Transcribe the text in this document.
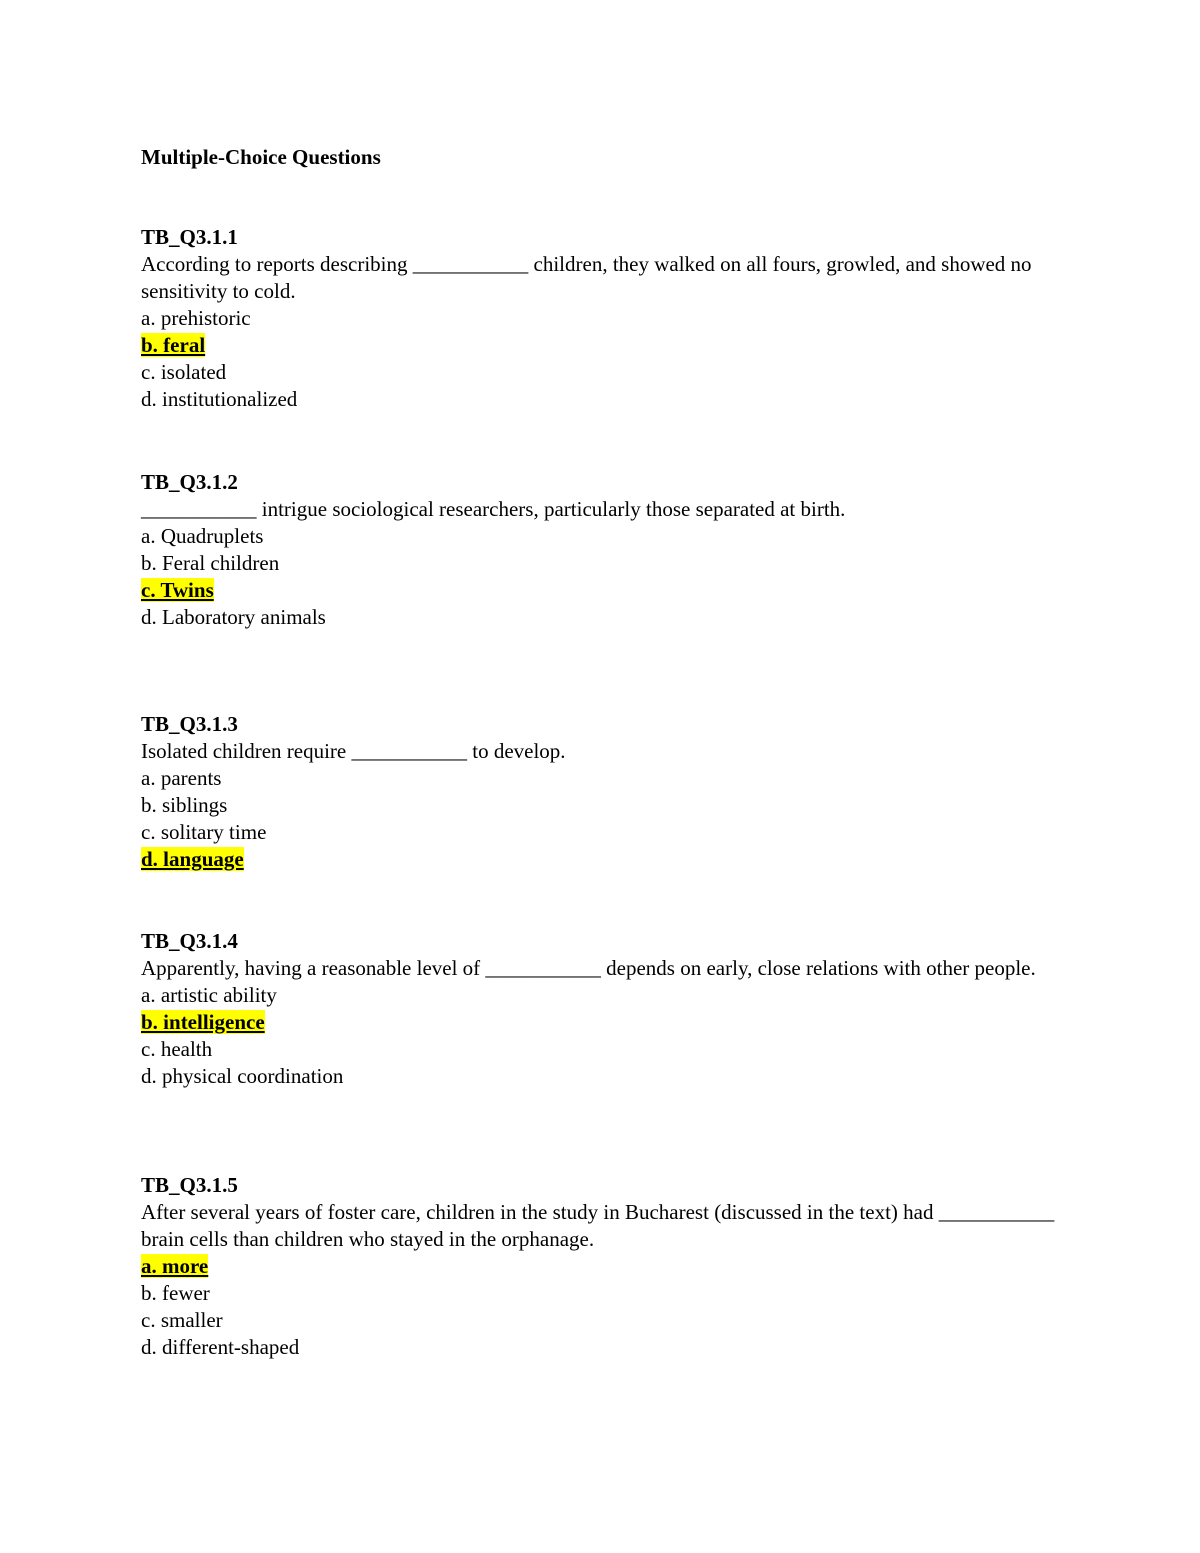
Multiple-Choice Questions
TB_Q3.1.1
According to reports describing ___________ children, they walked on all fours, growled, and showed no sensitivity to cold.
a. prehistoric
b. feral
c. isolated
d. institutionalized
TB_Q3.1.2
___________ intrigue sociological researchers, particularly those separated at birth.
a. Quadruplets
b. Feral children
c. Twins
d. Laboratory animals
TB_Q3.1.3
Isolated children require ___________ to develop.
a. parents
b. siblings
c. solitary time
d. language
TB_Q3.1.4
Apparently, having a reasonable level of ___________ depends on early, close relations with other people.
a. artistic ability
b. intelligence
c. health
d. physical coordination
TB_Q3.1.5
After several years of foster care, children in the study in Bucharest (discussed in the text) had ___________ brain cells than children who stayed in the orphanage.
a. more
b. fewer
c. smaller
d. different-shaped
